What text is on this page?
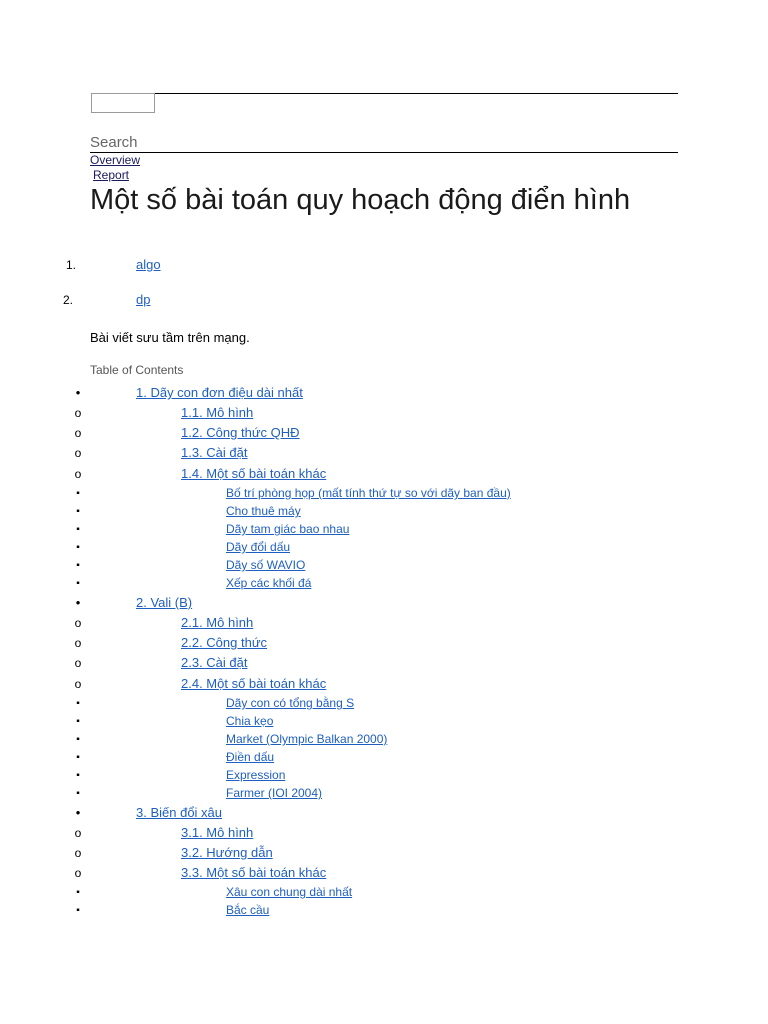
Search
Overview
Report
Một số bài toán quy hoạch động điển hình
1.	algo
2.	dp
Bài viết sưu tầm trên mạng.
Table of Contents
•	1. Dãy con đơn điệu dài nhất
o	1.1. Mô hình
o	1.2. Công thức QHĐ
o	1.3. Cài đặt
o	1.4. Một số bài toán khác
▪	Bố trí phòng họp (mất tính thứ tự so với dãy ban đầu)
▪	Cho thuê máy
▪	Dãy tam giác bao nhau
▪	Dãy đổi dấu
▪	Dãy số WAVIO
▪	Xếp các khối đá
•	2. Vali (B)
o	2.1. Mô hình
o	2.2. Công thức
o	2.3. Cài đặt
o	2.4. Một số bài toán khác
▪	Dãy con có tổng bằng S
▪	Chia kẹo
▪	Market (Olympic Balkan 2000)
▪	Điền dấu
▪	Expression
▪	Farmer (IOI 2004)
•	3. Biến đổi xâu
o	3.1. Mô hình
o	3.2. Hướng dẫn
o	3.3. Một số bài toán khác
▪	Xâu con chung dài nhất
▪	Bắc cầu
